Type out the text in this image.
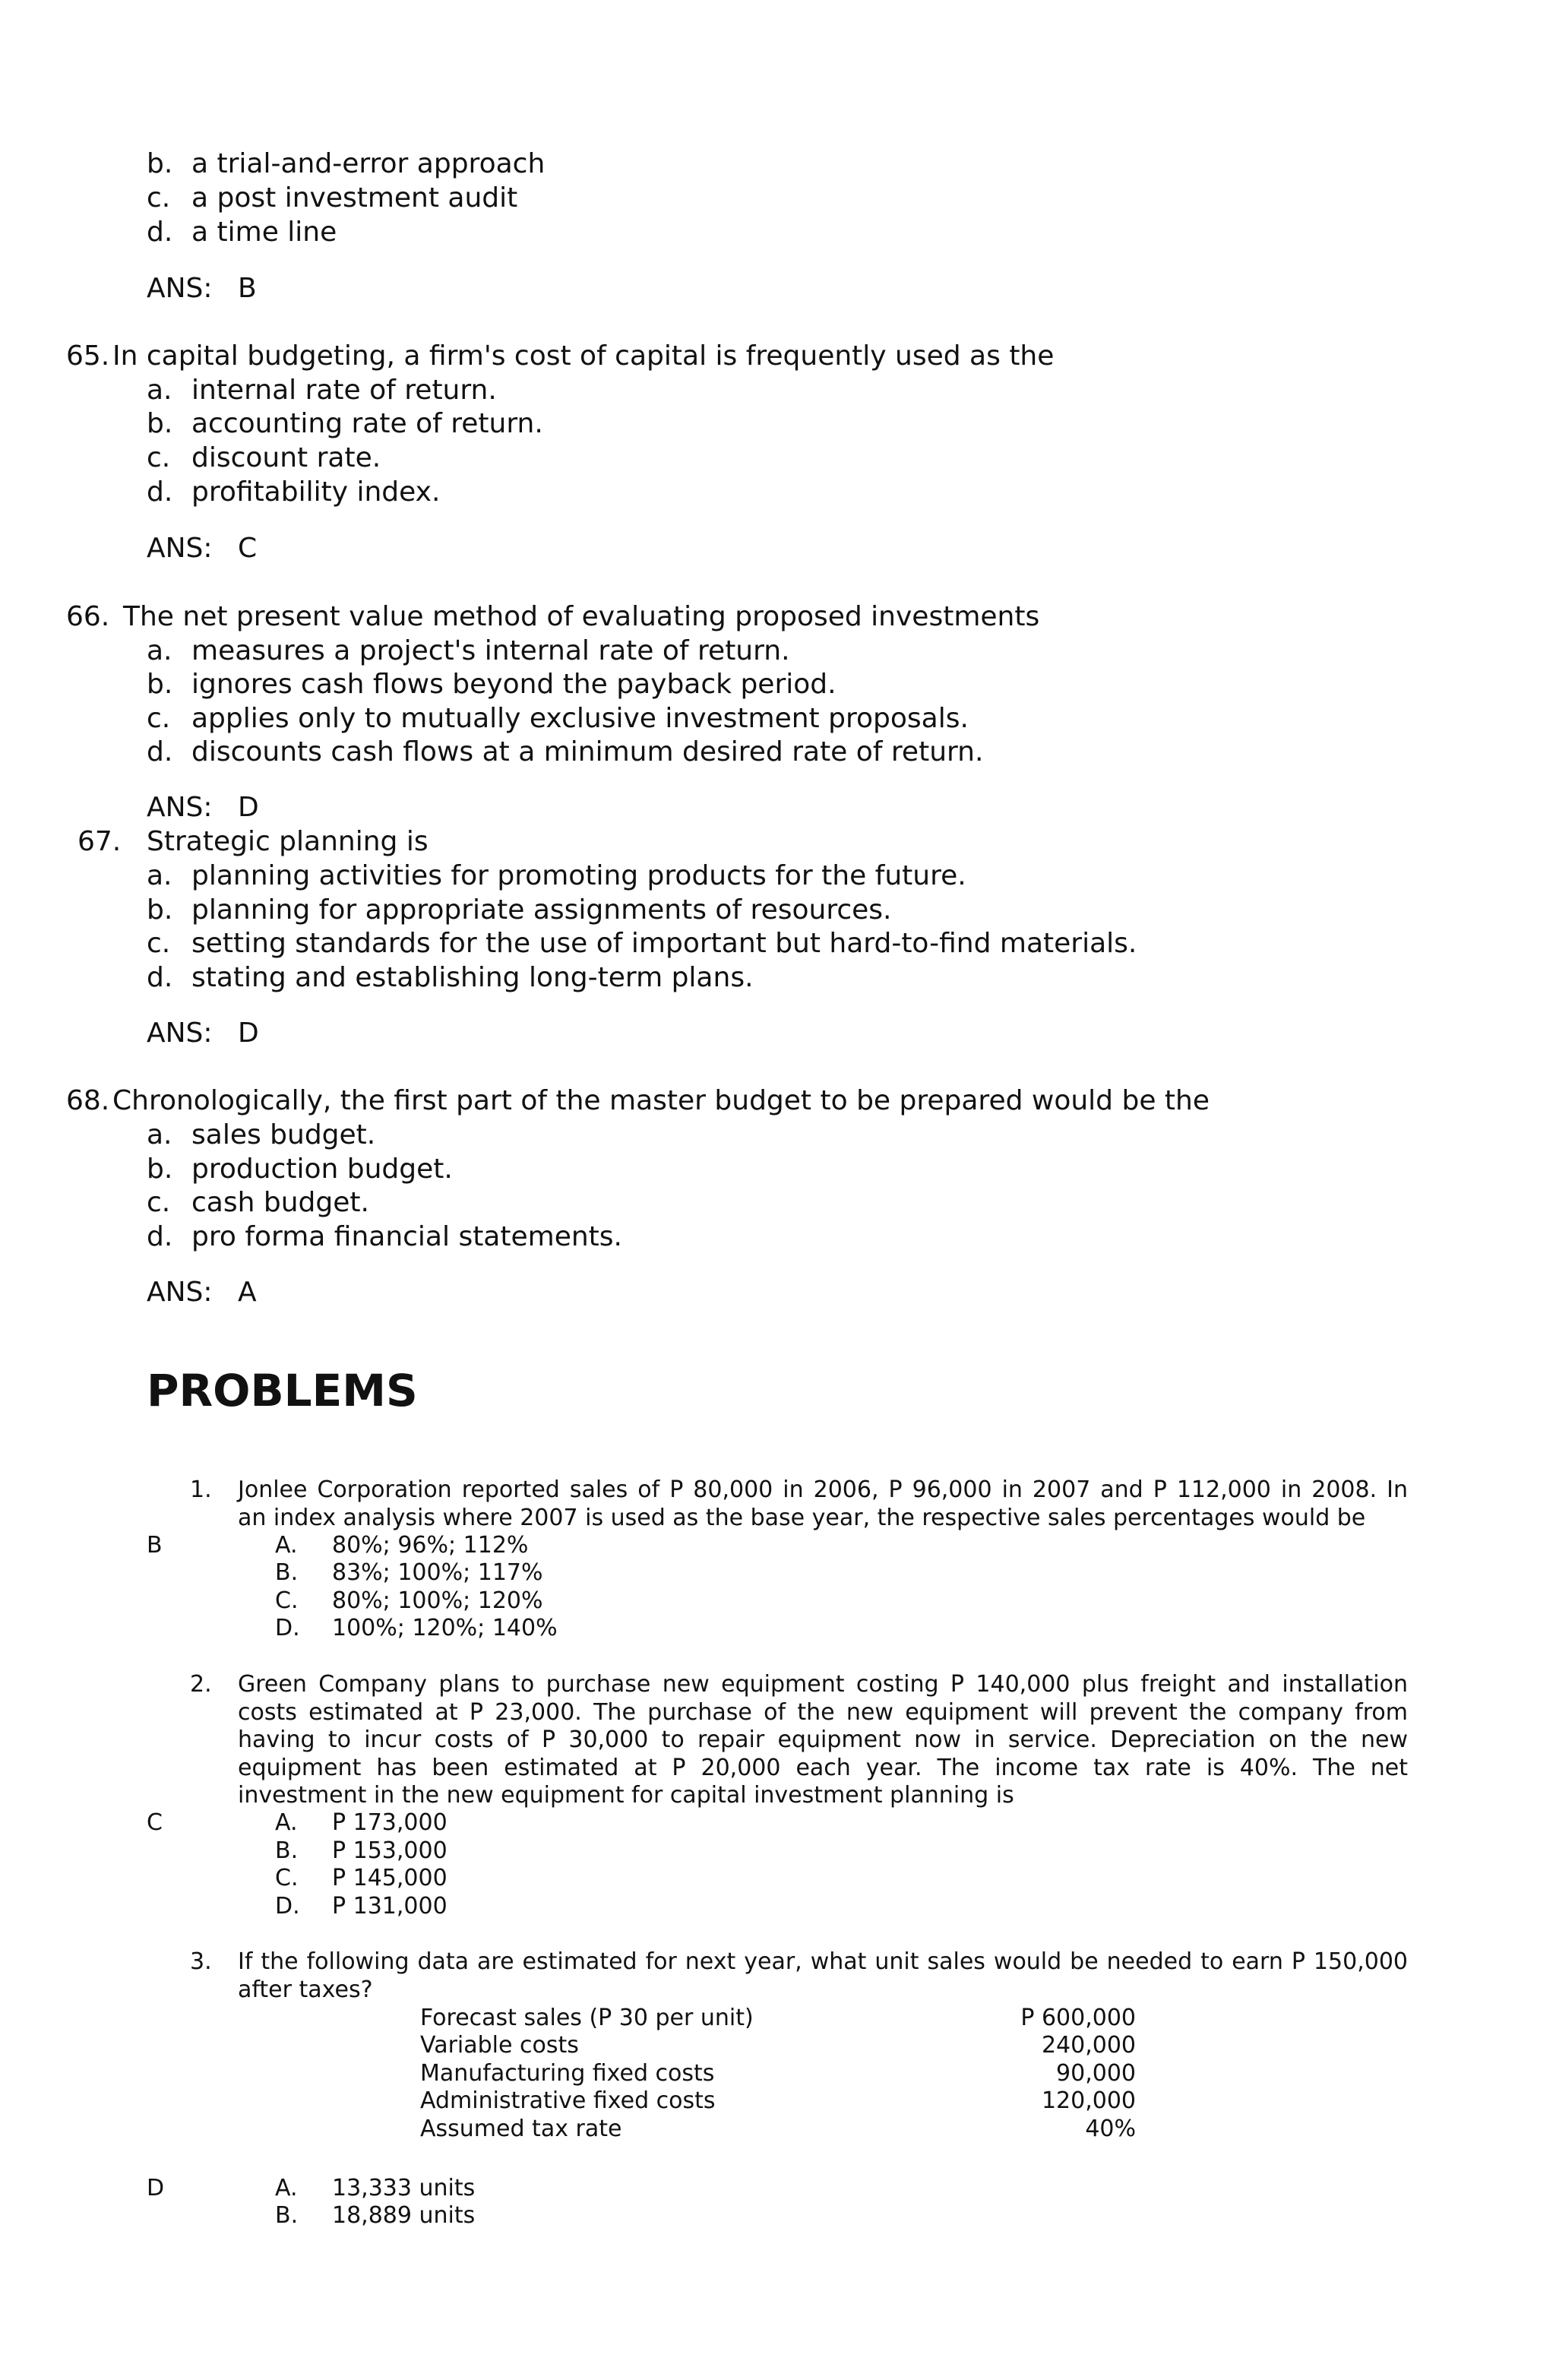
b. a trial-and-error approach
c. a post investment audit
d. a time line
ANS: B
65. In capital budgeting, a firm's cost of capital is frequently used as the
a. internal rate of return.
b. accounting rate of return.
c. discount rate.
d. profitability index.
ANS: C
66. The net present value method of evaluating proposed investments
a. measures a project's internal rate of return.
b. ignores cash flows beyond the payback period.
c. applies only to mutually exclusive investment proposals.
d. discounts cash flows at a minimum desired rate of return.
ANS: D
67. Strategic planning is
a. planning activities for promoting products for the future.
b. planning for appropriate assignments of resources.
c. setting standards for the use of important but hard-to-find materials.
d. stating and establishing long-term plans.
ANS: D
68. Chronologically, the first part of the master budget to be prepared would be the
a. sales budget.
b. production budget.
c. cash budget.
d. pro forma financial statements.
ANS: A
PROBLEMS
1. Jonlee Corporation reported sales of P 80,000 in 2006, P 96,000 in 2007 and P 112,000 in 2008. In
an index analysis where 2007 is used as the base year, the respective sales percentages would be
B	A. 80%; 96%; 112%
B. 83%; 100%; 117%
C. 80%; 100%; 120%
D. 100%; 120%; 140%
2. Green Company plans to purchase new equipment costing P 140,000 plus freight and installation
costs estimated at P 23,000. The purchase of the new equipment will prevent the company from
having to incur costs of P 30,000 to repair equipment now in service. Depreciation on the new
equipment has been estimated at P 20,000 each year. The income tax rate is 40%. The net
investment in the new equipment for capital investment planning is
C	A. P 173,000
B. P 153,000
C. P 145,000
D. P 131,000
3. If the following data are estimated for next year, what unit sales would be needed to earn P 150,000
after taxes?
Forecast sales (P 30 per unit)	P 600,000
Variable costs	240,000
Manufacturing fixed costs	90,000
Administrative fixed costs	120,000
Assumed tax rate	40%
D	A. 13,333 units
B. 18,889 units
